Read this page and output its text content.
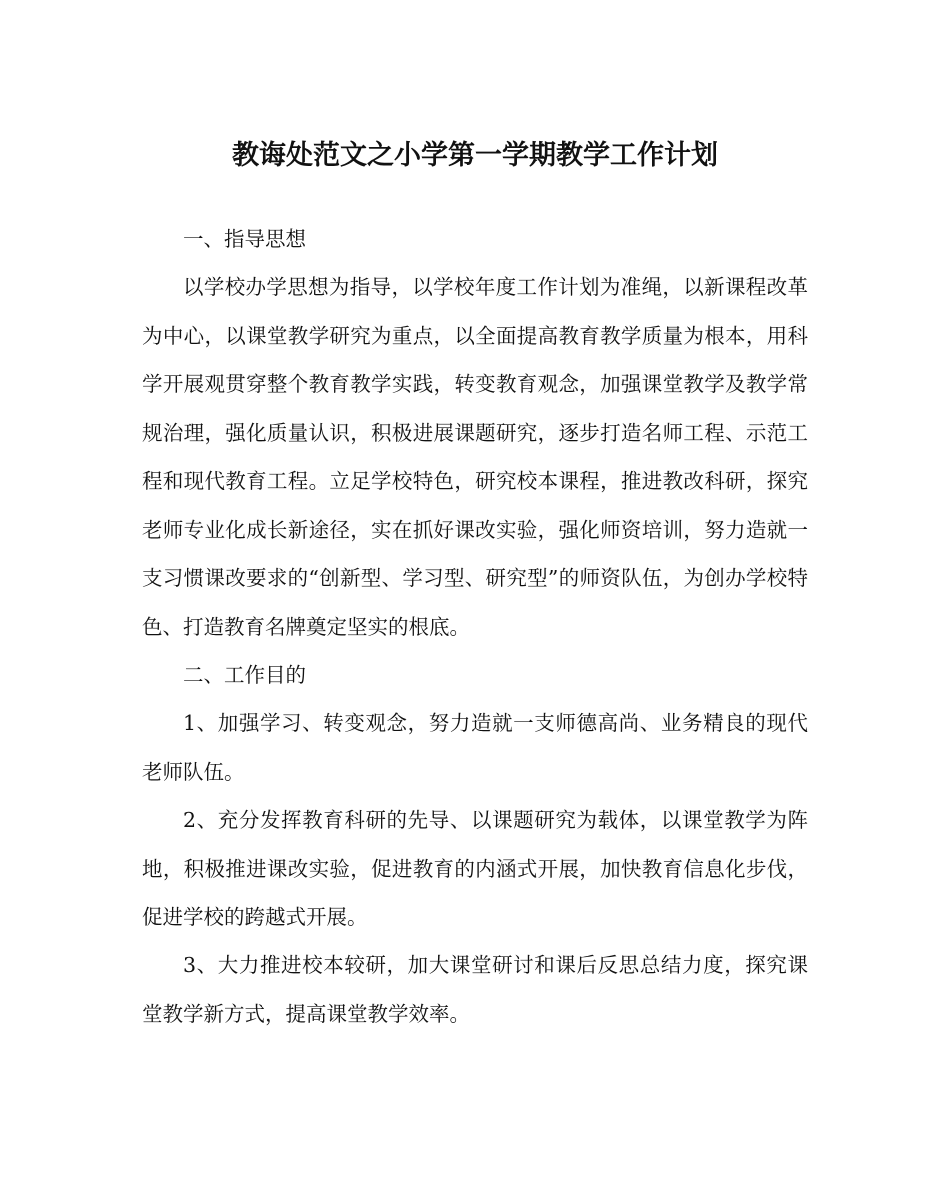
教诲处范文之小学第一学期教学工作计划

一、指导思想

以学校办学思想为指导，以学校年度工作计划为准绳，以新课程改革为中心，以课堂教学研究为重点，以全面提高教育教学质量为根本，用科学开展观贯穿整个教育教学实践，转变教育观念，加强课堂教学及教学常规治理，强化质量认识，积极进展课题研究，逐步打造名师工程、示范工程和现代教育工程。立足学校特色，研究校本课程，推进教改科研，探究老师专业化成长新途径，实在抓好课改实验，强化师资培训，努力造就一支习惯课改要求的“创新型、学习型、研究型”的师资队伍，为创办学校特色、打造教育名牌奠定坚实的根底。

二、工作目的

1、加强学习、转变观念，努力造就一支师德高尚、业务精良的现代老师队伍。

2、充分发挥教育科研的先导、以课题研究为载体，以课堂教学为阵地，积极推进课改实验，促进教育的内涵式开展，加快教育信息化步伐，促进学校的跨越式开展。

3、大力推进校本较研，加大课堂研讨和课后反思总结力度，探究课堂教学新方式，提高课堂教学效率。
